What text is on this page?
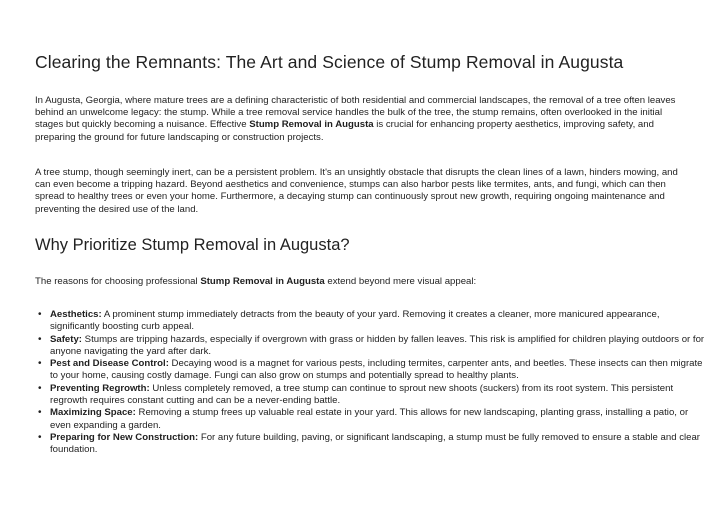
Clearing the Remnants: The Art and Science of Stump Removal in Augusta

In Augusta, Georgia, where mature trees are a defining characteristic of both residential and commercial landscapes, the removal of a tree often leaves behind an unwelcome legacy: the stump. While a tree removal service handles the bulk of the tree, the stump remains, often overlooked in the initial stages but quickly becoming a nuisance. Effective Stump Removal in Augusta is crucial for enhancing property aesthetics, improving safety, and preparing the ground for future landscaping or construction projects.

A tree stump, though seemingly inert, can be a persistent problem. It's an unsightly obstacle that disrupts the clean lines of a lawn, hinders mowing, and can even become a tripping hazard. Beyond aesthetics and convenience, stumps can also harbor pests like termites, ants, and fungi, which can then spread to healthy trees or even your home. Furthermore, a decaying stump can continuously sprout new growth, requiring ongoing maintenance and preventing the desired use of the land.

Why Prioritize Stump Removal in Augusta?

The reasons for choosing professional Stump Removal in Augusta extend beyond mere visual appeal:

• Aesthetics: A prominent stump immediately detracts from the beauty of your yard. Removing it creates a cleaner, more manicured appearance, significantly boosting curb appeal.
• Safety: Stumps are tripping hazards, especially if overgrown with grass or hidden by fallen leaves. This risk is amplified for children playing outdoors or for anyone navigating the yard after dark.
• Pest and Disease Control: Decaying wood is a magnet for various pests, including termites, carpenter ants, and beetles. These insects can then migrate to your home, causing costly damage. Fungi can also grow on stumps and potentially spread to healthy plants.
• Preventing Regrowth: Unless completely removed, a tree stump can continue to sprout new shoots (suckers) from its root system. This persistent regrowth requires constant cutting and can be a never-ending battle.
• Maximizing Space: Removing a stump frees up valuable real estate in your yard. This allows for new landscaping, planting grass, installing a patio, or even expanding a garden.
• Preparing for New Construction: For any future building, paving, or significant landscaping, a stump must be fully removed to ensure a stable and clear foundation.
